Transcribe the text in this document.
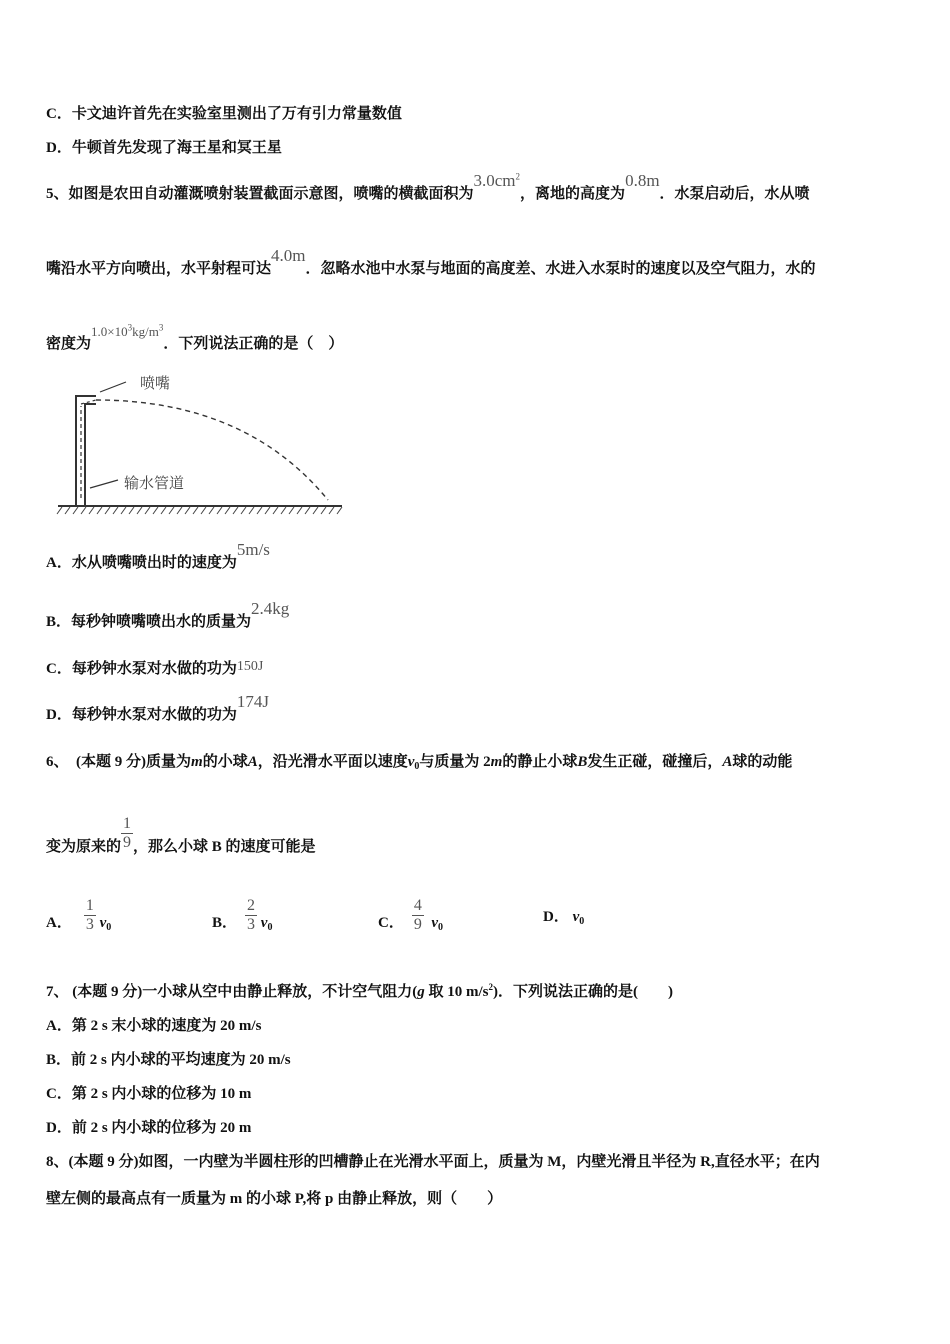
C．卡文迪许首先在实验室里测出了万有引力常量数值
D．牛顿首先发现了海王星和冥王星
5、如图是农田自动灌溉喷射装置截面示意图，喷嘴的横截面积为$3.0cm^2$，离地的高度为0.8m．水泵启动后，水从喷
嘴沿水平方向喷出，水平射程可达4.0m．忽略水池中水泵与地面的高度差、水进入水泵时的速度以及空气阻力，水的
密度为$1.0\times 10^3kg/m^3$．下列说法正确的是（　）
喷嘴
输水管道
A．水从喷嘴喷出时的速度为5m/s
B．每秒钟喷嘴喷出水的质量为2.4kg
C．每秒钟水泵对水做的功为150J
D．每秒钟水泵对水做的功为174J
6、 (本题 9 分)质量为m的小球A，沿光滑水平面以速度$v_0$与质量为 2m的静止小球B发生正碰，碰撞后，A球的动能
变为原来的 $\frac{1}{9}$ ，那么小球 B 的速度可能是
A． $\frac{1}{3} v_0$	B． $\frac{2}{3} v_0$	C． $\frac{4}{9} v_0$
D． $v_0$
7、 (本题 9 分)一小球从空中由静止释放，不计空气阻力(g 取 10 $m/s^2$)．下列说法正确的是(　　)
A．第 2 s 末小球的速度为 20 m/s
B．前 2 s 内小球的平均速度为 20 m/s
C．第 2 s 内小球的位移为 10 m
D．前 2 s 内小球的位移为 20 m
8、(本题 9 分)如图，一内壁为半圆柱形的凹槽静止在光滑水平面上，质量为 M，内壁光滑且半径为 R,直径水平；在内
壁左侧的最高点有一质量为 m 的小球 P,将 p 由静止释放，则（　　）
